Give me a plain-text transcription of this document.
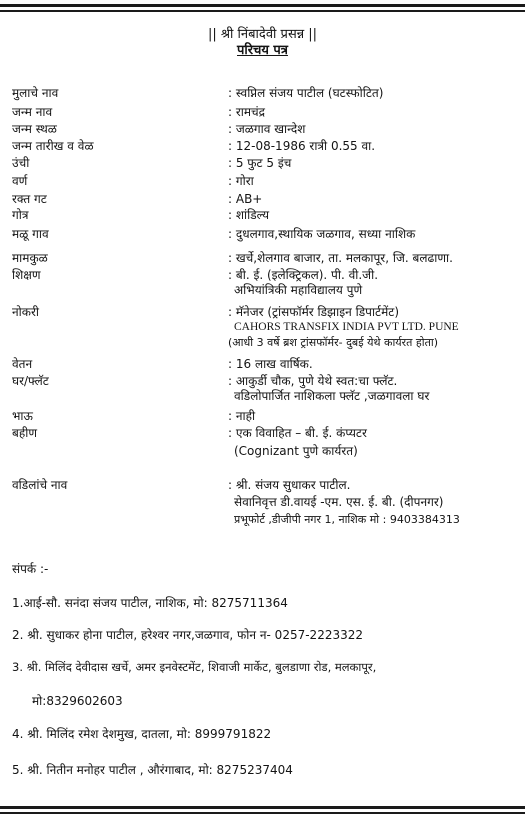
|| श्री निंबादेवी प्रसन्न ||
परिचय पत्र
मुलाचे नाव	: स्वप्निल संजय पाटील (घटस्फोटित)
जन्म नाव	: रामचंद्र
जन्म स्थळ	: जळगाव खान्देश
जन्म तारीख व वेळ	: 12-08-1986 रात्री 0.55 वा.
उंची	: 5 फुट 5 इंच
वर्ण	: गोरा
रक्त गट	: AB+
गोत्र	: शांडिल्य
मळू गाव	: दुधलगाव,स्थायिक जळगाव, सध्या नाशिक
मामकुळ	: खर्चे,शेलगाव बाजार, ता. मलकापूर, जि. बलढाणा.
शिक्षण	: बी. ई. (इलेक्ट्रिकल). पी. वी.जी.
अभियांत्रिकी महाविद्यालय पुणे
नोकरी	: मॅनेजर (ट्रांसफॉर्मर डिझाइन डिपार्टमेंट)
CAHORS TRANSFIX INDIA PVT LTD. PUNE
(आधी 3 वर्षे ब्रश ट्रांसफॉर्मर- दुबई येथे कार्यरत होता)
वेतन	: 16 लाख वार्षिक.
घर/फ्लॅट	: आकुर्डी चौक, पुणे येथे स्वत:चा फ्लॅट.
वडिलोपार्जित नाशिकला फ्लॅट ,जळगावला घर
भाऊ	: नाही
बहीण	: एक विवाहित – बी. ई. कंप्यटर
(Cognizant पुणे कार्यरत)
वडिलांचे नाव	: श्री. संजय सुधाकर पाटील.
सेवानिवृत्त डी.वायई -एम. एस. ई. बी. (दीपनगर)
प्रभूफोर्ट ,डीजीपी नगर 1, नाशिक मो : 9403384313
संपर्क :-
1.आई-सौ. सनंदा संजय पाटील, नाशिक, मो: 8275711364
2. श्री. सुधाकर होना पाटील, हरेश्वर नगर,जळगाव, फोन न- 0257-2223322
3. श्री. मिलिंद देवीदास खर्चे, अमर इनवेस्टमेंट, शिवाजी मार्केट, बुलडाणा रोड, मलकापूर,
मो:8329602603
4. श्री. मिलिंद रमेश देशमुख, दातला, मो: 8999791822
5. श्री. नितीन मनोहर पाटील , औरंगाबाद, मो: 8275237404
